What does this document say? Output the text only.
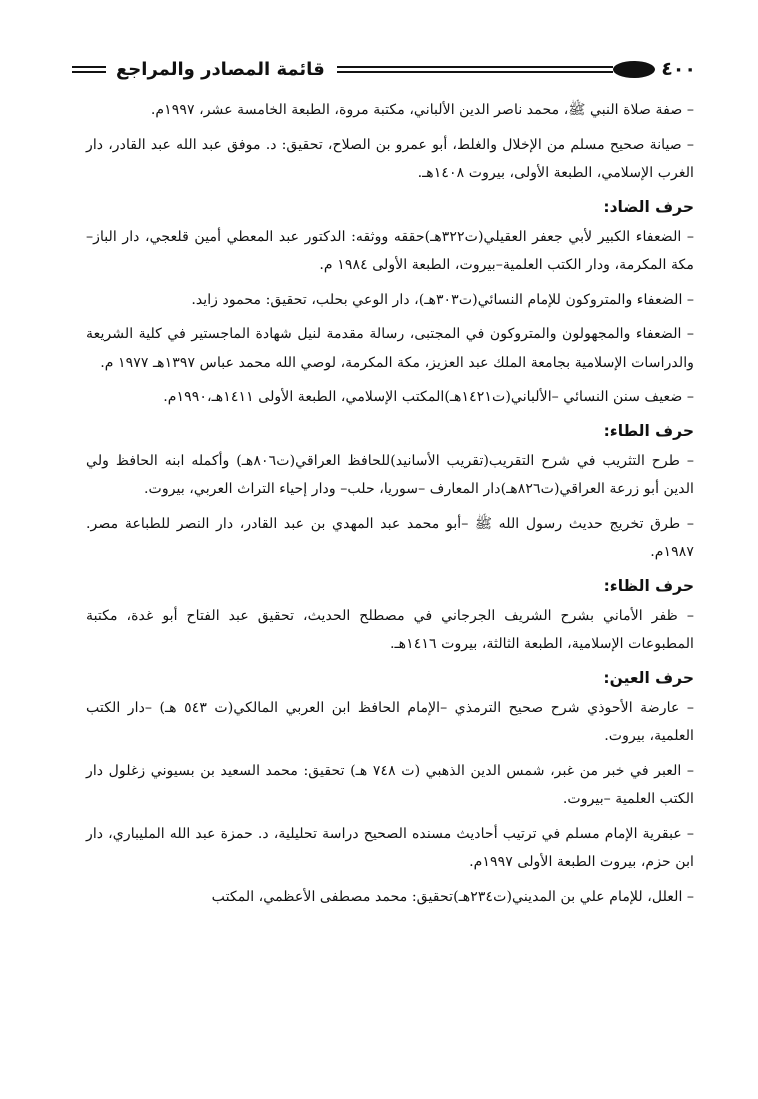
٤٠٠
قائمة المصادر والمراجع

– صفة صلاة النبي ﷺ، محمد ناصر الدين الألباني، مكتبة مروة، الطبعة الخامسة عشر، ١٩٩٧م.

– صيانة صحيح مسلم من الإخلال والغلط، أبو عمرو بن الصلاح، تحقيق: د. موفق عبد الله عبد القادر، دار الغرب الإسلامي، الطبعة الأولى، بيروت ١٤٠٨هـ.

حرف الضاد:

– الضعفاء الكبير لأبي جعفر العقيلي(ت٣٢٢هـ)حققه ووثقه: الدكتور عبد المعطي أمين قلعجي، دار الباز–مكة المكرمة، ودار الكتب العلمية–بيروت، الطبعة الأولى ١٩٨٤ م.

– الضعفاء والمتروكون للإمام النسائي(ت٣٠٣هـ)، دار الوعي بحلب، تحقيق: محمود زايد.

– الضعفاء والمجهولون والمتروكون في المجتبى، رسالة مقدمة لنيل شهادة الماجستير في كلية الشريعة والدراسات الإسلامية بجامعة الملك عبد العزيز، مكة المكرمة، لوصي الله محمد عباس ١٣٩٧هـ ١٩٧٧ م.

– ضعيف سنن النسائي –الألباني(ت١٤٢١هـ)المكتب الإسلامي، الطبعة الأولى ١٤١١هـ،١٩٩٠م.

حرف الطاء:

– طرح التثريب في شرح التقريب(تقريب الأسانيد)للحافظ العراقي(ت٨٠٦هـ) وأكمله ابنه الحافظ ولي الدين أبو زرعة العراقي(ت٨٢٦هـ)دار المعارف –سوريا، حلب– ودار إحياء التراث العربي، بيروت.

– طرق تخريج حديث رسول الله ﷺ –أبو محمد عبد المهدي بن عبد القادر، دار النصر للطباعة مصر. ١٩٨٧م.

حرف الظاء:

– ظفر الأماني بشرح الشريف الجرجاني في مصطلح الحديث، تحقيق عبد الفتاح أبو غدة، مكتبة المطبوعات الإسلامية، الطبعة الثالثة، بيروت ١٤١٦هـ.

حرف العين:

– عارضة الأحوذي شرح صحيح الترمذي –الإمام الحافظ ابن العربي المالكي(ت ٥٤٣ هـ) –دار الكتب العلمية، بيروت.

– العبر في خبر من غبر، شمس الدين الذهبي (ت ٧٤٨ هـ) تحقيق: محمد السعيد بن بسيوني زغلول دار الكتب العلمية –بيروت.

– عبقرية الإمام مسلم في ترتيب أحاديث مسنده الصحيح دراسة تحليلية، د. حمزة عبد الله المليباري، دار ابن حزم، بيروت الطبعة الأولى ١٩٩٧م.

– العلل، للإمام علي بن المديني(ت٢٣٤هـ)تحقيق: محمد مصطفى الأعظمي، المكتب
